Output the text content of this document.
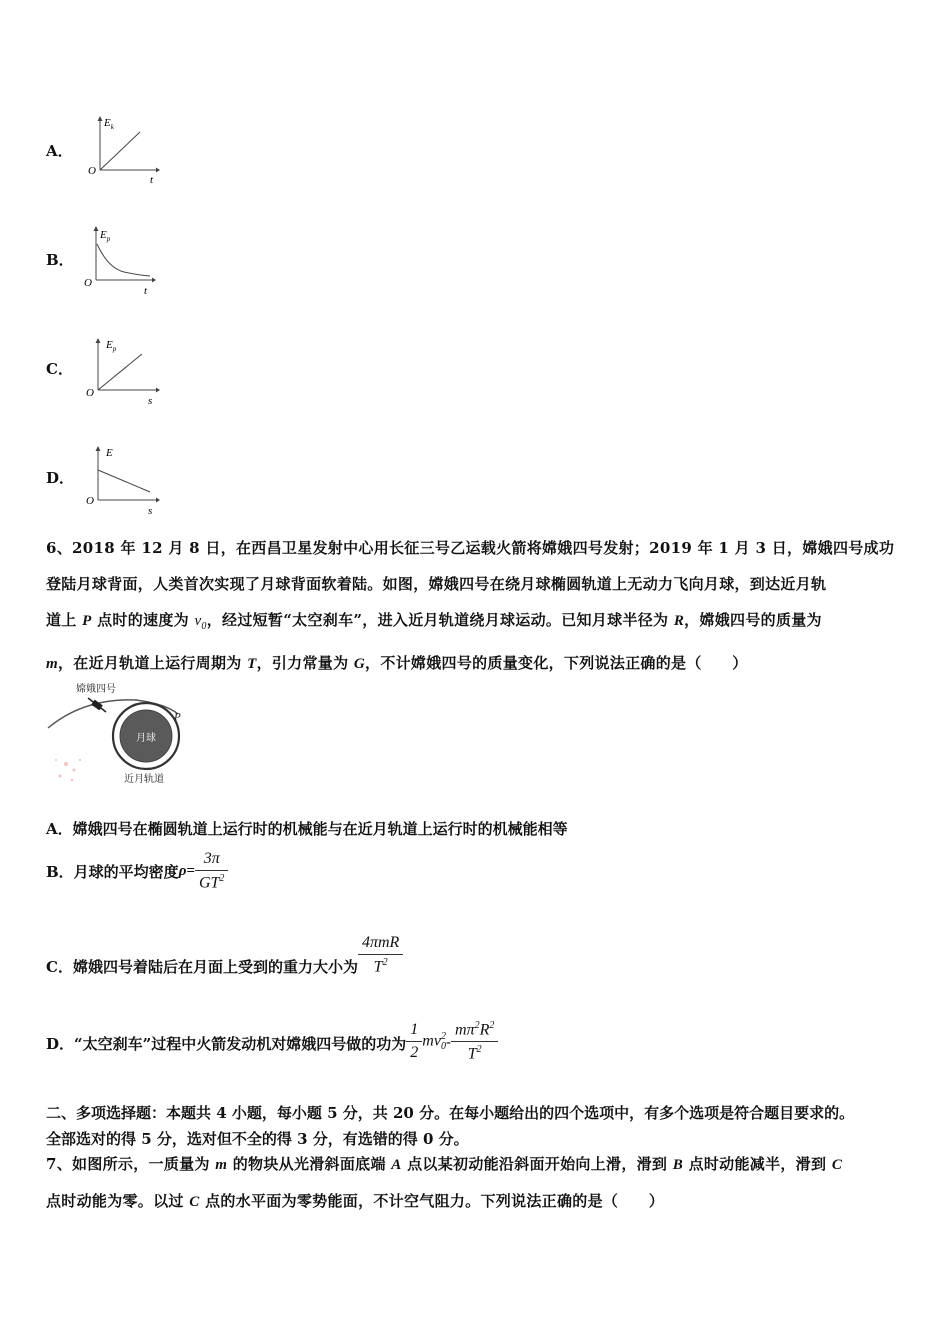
A．
$E_k$
O
t
B．
$E_p$
O
t
C．
$E_p$
O
s
D．
E
O
s

6、2018 年 12 月 8 日，在西昌卫星发射中心用长征三号乙运载火箭将嫦娥四号发射；2019 年 1 月 3 日，嫦娥四号成功

登陆月球背面，人类首次实现了月球背面软着陆。如图，嫦娥四号在绕月球椭圆轨道上无动力飞向月球，到达近月轨

道上 P 点时的速度为 $v_0$，经过短暂“太空刹车”，进入近月轨道绕月球运动。已知月球半径为 R，嫦娥四号的质量为

m，在近月轨道上运行周期为 T，引力常量为 G，不计嫦娥四号的质量变化，下列说法正确的是（　　）

嫦娥四号
月球
P
近月轨道
A．嫦娥四号在椭圆轨道上运行时的机械能与在近月轨道上运行时的机械能相等
B．月球的平均密度$\rho= \frac{3\pi}{GT^2}$
C．嫦娥四号着陆后在月面上受到的重力大小为 $\frac{\text{4πmR}}{T^2}$
D．“太空刹车”过程中火箭发动机对嫦娥四号做的功为 $\frac{1}{2}$ mv 2
$0 - \frac{m\pi^2R^2}{T^2}$

二、多项选择题：本题共 4 小题，每小题 5 分，共 20 分。在每小题给出的四个选项中，有多个选项是符合题目要求的。

全部选对的得 5 分，选对但不全的得 3 分，有选错的得 0 分。

7、如图所示，一质量为 m 的物块从光滑斜面底端 A 点以某初动能沿斜面开始向上滑，滑到 B 点时动能减半，滑到 C

点时动能为零。以过 C 点的水平面为零势能面，不计空气阻力。下列说法正确的是（　　）
